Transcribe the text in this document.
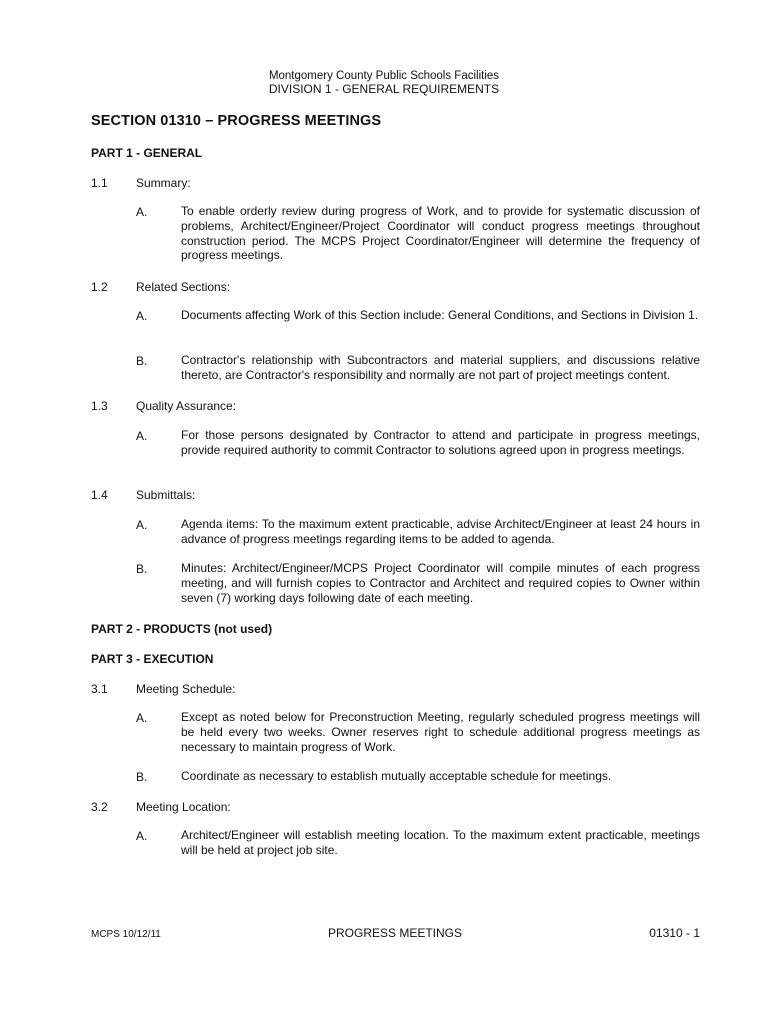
Montgomery County Public Schools Facilities
DIVISION 1 - GENERAL REQUIREMENTS
SECTION 01310 – PROGRESS MEETINGS
PART 1 - GENERAL
1.1 Summary:
A.	To enable orderly review during progress of Work, and to provide for systematic discussion of problems, Architect/Engineer/Project Coordinator will conduct progress meetings throughout construction period. The MCPS Project Coordinator/Engineer will determine the frequency of progress meetings.
1.2 Related Sections:
A.	Documents affecting Work of this Section include: General Conditions, and Sections in Division 1.
B.	Contractor's relationship with Subcontractors and material suppliers, and discussions relative thereto, are Contractor's responsibility and normally are not part of project meetings content.
1.3 Quality Assurance:
A.	For those persons designated by Contractor to attend and participate in progress meetings, provide required authority to commit Contractor to solutions agreed upon in progress meetings.
1.4 Submittals:
A.	Agenda items: To the maximum extent practicable, advise Architect/Engineer at least 24 hours in advance of progress meetings regarding items to be added to agenda.
B.	Minutes: Architect/Engineer/MCPS Project Coordinator will compile minutes of each progress meeting, and will furnish copies to Contractor and Architect and required copies to Owner within seven (7) working days following date of each meeting.
PART 2 - PRODUCTS (not used)
PART 3 - EXECUTION
3.1 Meeting Schedule:
A.	Except as noted below for Preconstruction Meeting, regularly scheduled progress meetings will be held every two weeks. Owner reserves right to schedule additional progress meetings as necessary to maintain progress of Work.
B.	Coordinate as necessary to establish mutually acceptable schedule for meetings.
3.2 Meeting Location:
A.	Architect/Engineer will establish meeting location. To the maximum extent practicable, meetings will be held at project job site.
MCPS 10/12/11	PROGRESS MEETINGS	01310 - 1
